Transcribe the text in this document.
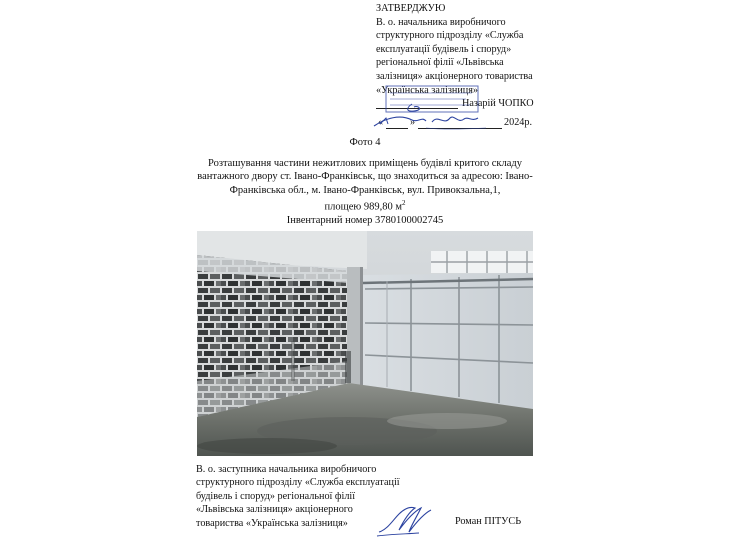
ЗАТВЕРДЖУЮ
В. о. начальника виробничого
структурного підрозділу «Служба
експлуатації будівель і споруд»
регіональної філії «Львівська
залізниця» акціонерного товариства
«Українська залізниця»
Назарій ЧОПКО
«	»	2024р.
Фото 4
Розташування частини нежитлових приміщень будівлі критого складу
вантажного двору ст. Івано-Франківськ, що знаходиться за адресою: Івано-
Франківська обл., м. Івано-Франківськ, вул. Привокзальна,1,
площею 989,80 $м^2$
Інвентарний номер 3780100002745
В. о. заступника начальника виробничого
структурного підрозділу «Служба експлуатації
будівель і споруд» регіональної філії
«Львівська залізниця» акціонерного
товариства «Українська залізниця»	Роман ПІТУСЬ
